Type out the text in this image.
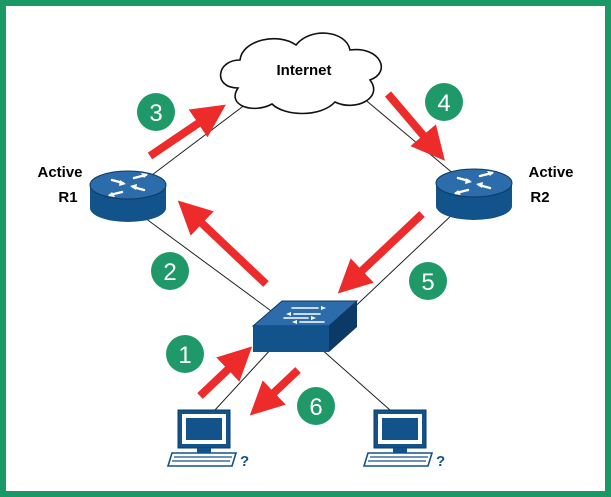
Internet
Active
R1
Active
R2
?	?
1
2
3	4
5
6
